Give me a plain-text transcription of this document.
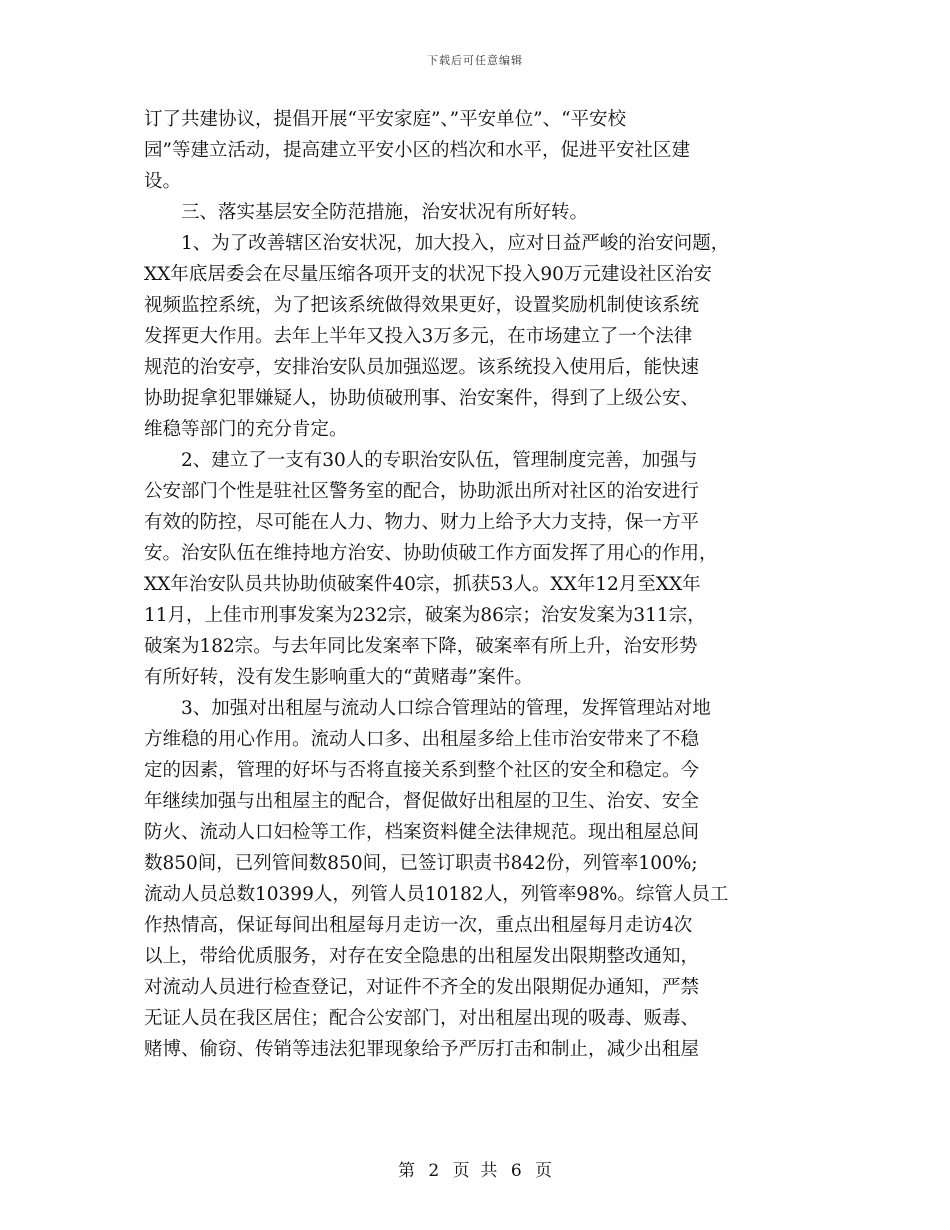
下载后可任意编辑
订了共建协议，提倡开展“平安家庭”、”平安单位”、“平安校
园”等建立活动，提高建立平安小区的档次和水平，促进平安社区建
设。
三、落实基层安全防范措施，治安状况有所好转。
1、为了改善辖区治安状况，加大投入，应对日益严峻的治安问题，
XX年底居委会在尽量压缩各项开支的状况下投入90万元建设社区治安
视频监控系统，为了把该系统做得效果更好，设置奖励机制使该系统
发挥更大作用。去年上半年又投入3万多元，在市场建立了一个法律
规范的治安亭，安排治安队员加强巡逻。该系统投入使用后，能快速
协助捉拿犯罪嫌疑人，协助侦破刑事、治安案件，得到了上级公安、
维稳等部门的充分肯定。
2、建立了一支有30人的专职治安队伍，管理制度完善，加强与
公安部门个性是驻社区警务室的配合，协助派出所对社区的治安进行
有效的防控，尽可能在人力、物力、财力上给予大力支持，保一方平
安。治安队伍在维持地方治安、协助侦破工作方面发挥了用心的作用，
XX年治安队员共协助侦破案件40宗，抓获53人。XX年12月至XX年
11月，上佳市刑事发案为232宗，破案为86宗；治安发案为311宗，
破案为182宗。与去年同比发案率下降，破案率有所上升，治安形势
有所好转，没有发生影响重大的“黄赌毒”案件。
3、加强对出租屋与流动人口综合管理站的管理，发挥管理站对地
方维稳的用心作用。流动人口多、出租屋多给上佳市治安带来了不稳
定的因素，管理的好坏与否将直接关系到整个社区的安全和稳定。今
年继续加强与出租屋主的配合，督促做好出租屋的卫生、治安、安全
防火、流动人口妇检等工作，档案资料健全法律规范。现出租屋总间
数850间，已列管间数850间，已签订职责书842份，列管率100%;
流动人员总数10399人，列管人员10182人，列管率98%。综管人员工
作热情高，保证每间出租屋每月走访一次，重点出租屋每月走访4次
以上，带给优质服务，对存在安全隐患的出租屋发出限期整改通知，
对流动人员进行检查登记，对证件不齐全的发出限期促办通知，严禁
无证人员在我区居住；配合公安部门，对出租屋出现的吸毒、贩毒、
赌博、偷窃、传销等违法犯罪现象给予严厉打击和制止，减少出租屋
第 2 页  共 6 页
